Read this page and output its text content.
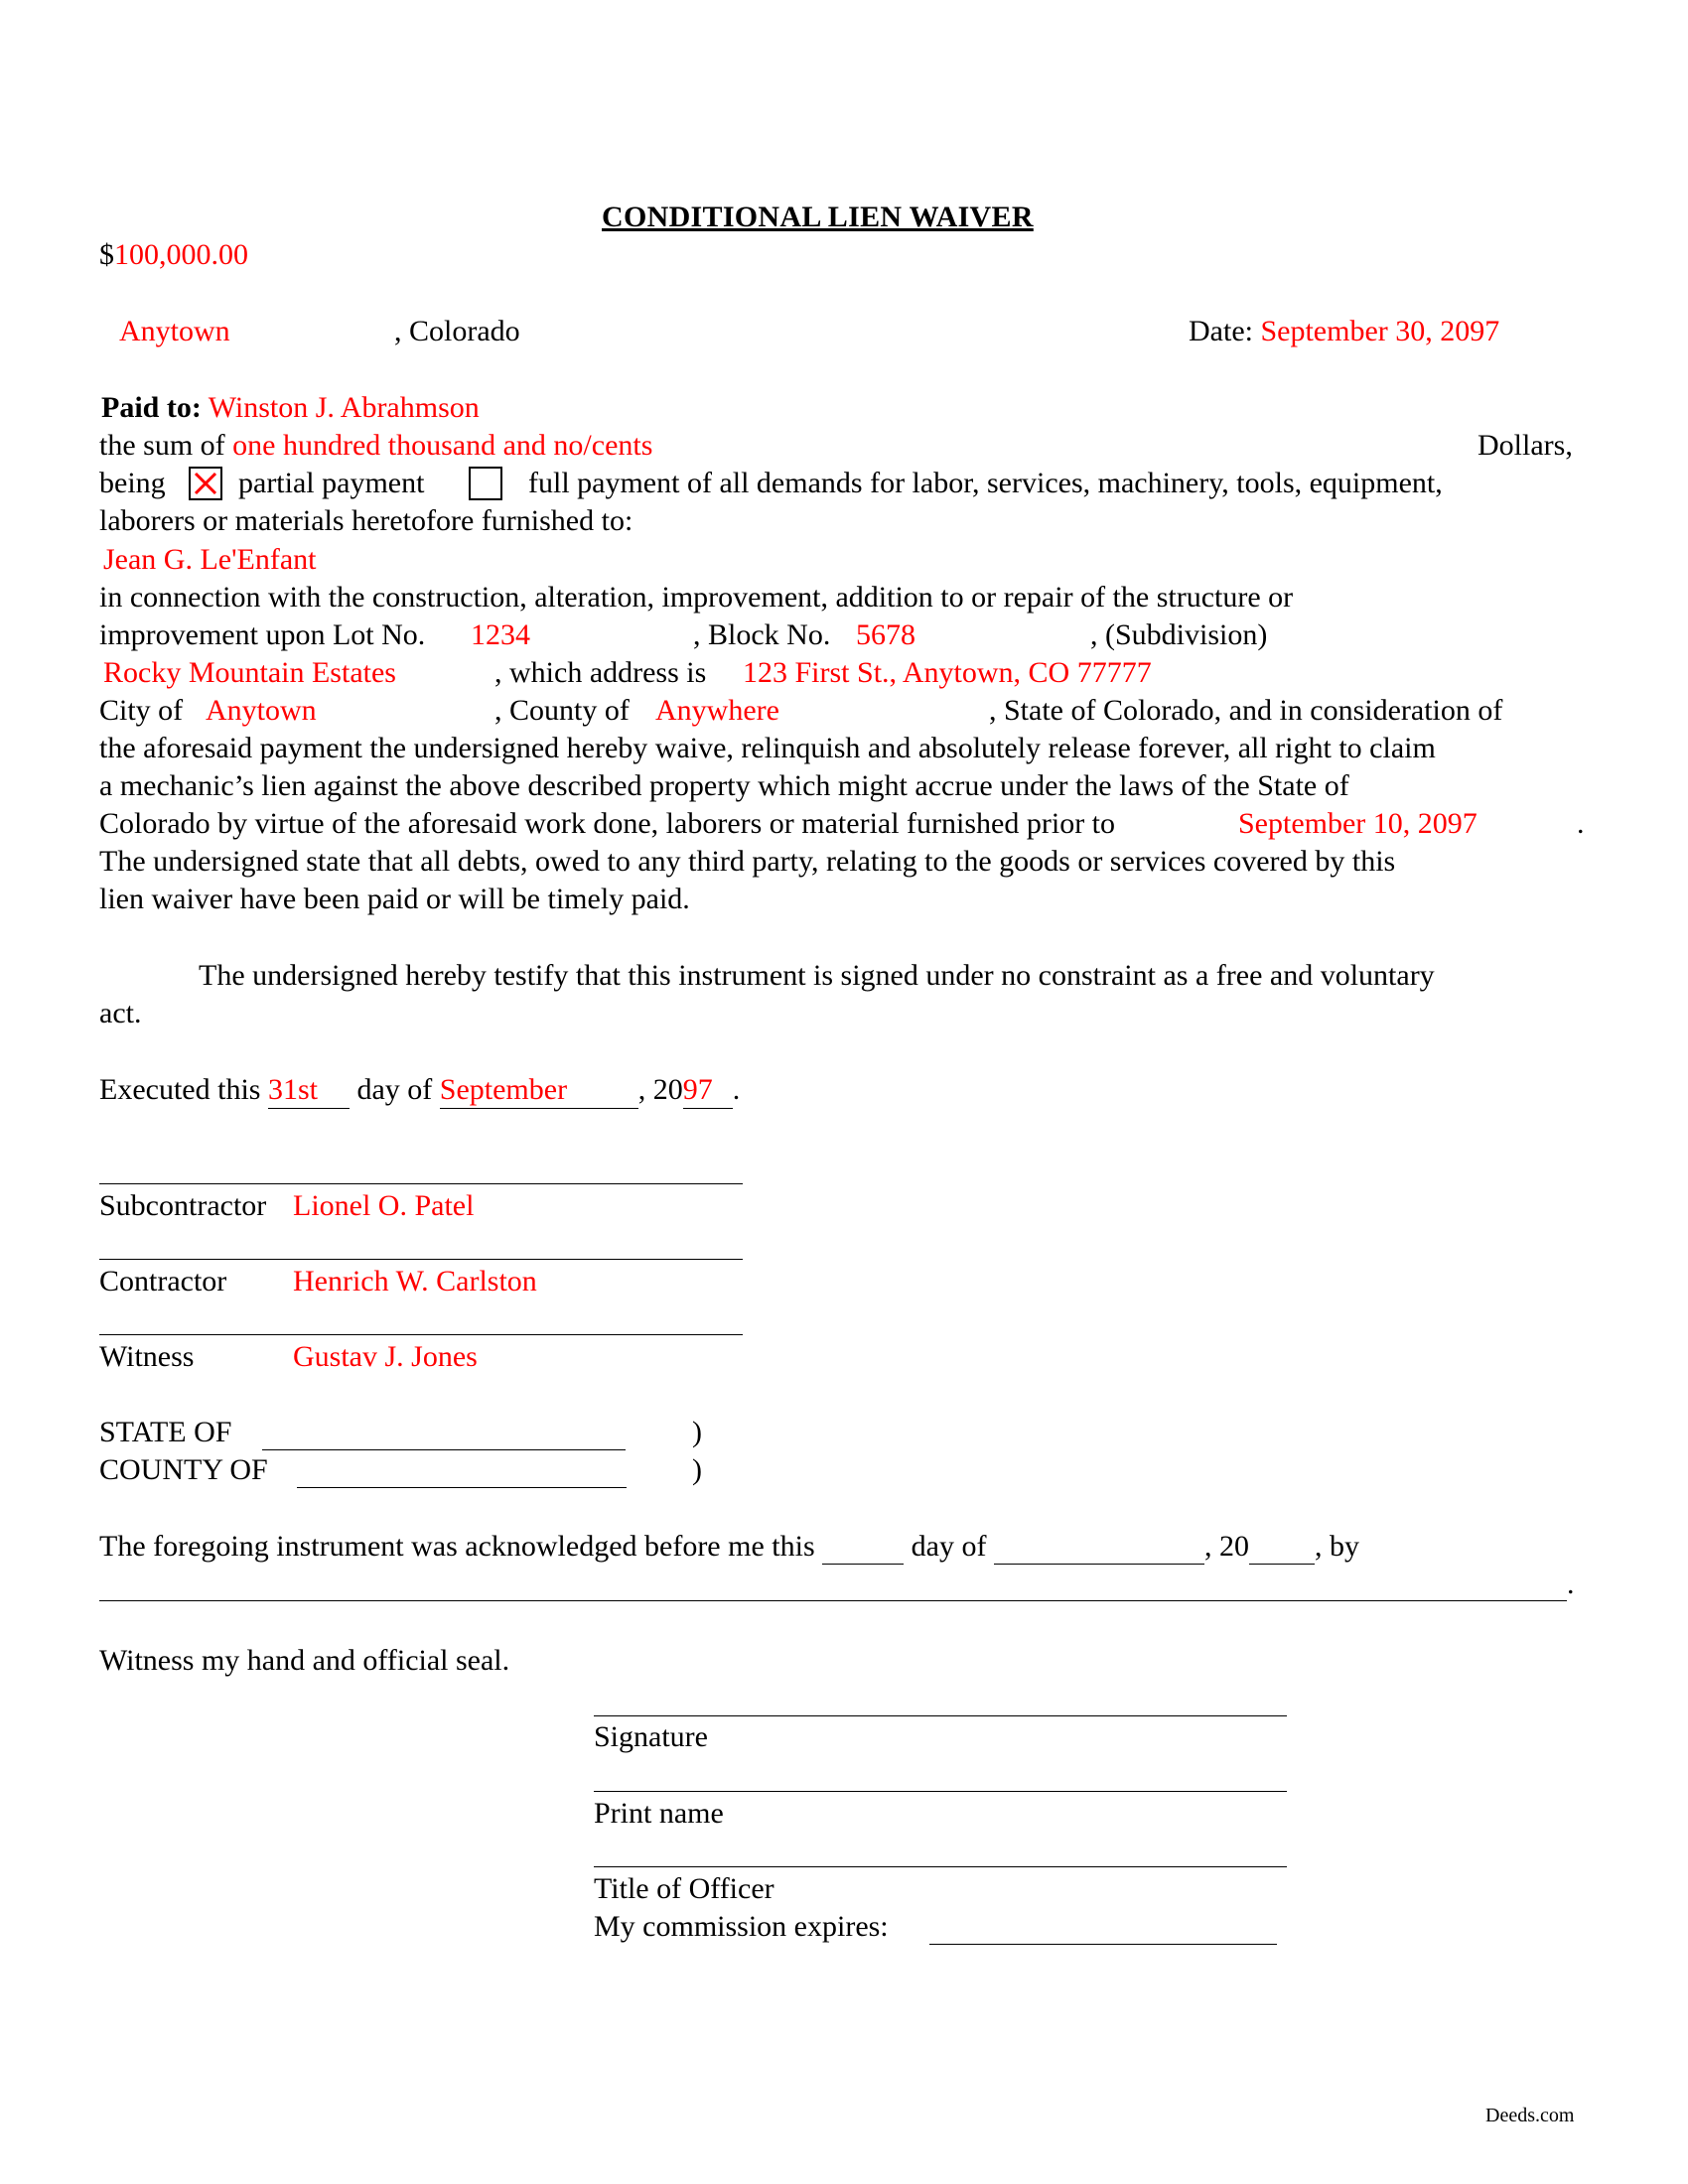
CONDITIONAL LIEN WAIVER
$100,000.00
Anytown	, Colorado	Date: September 30, 2097
Paid to: Winston J. Abrahmson
the sum of one hundred thousand and no/cents	Dollars,
being partial payment	full payment of all demands for labor, services, machinery, tools, equipment,
laborers or materials heretofore furnished to:
Jean G. Le'Enfant
in connection with the construction, alteration, improvement, addition to or repair of the structure or
improvement upon Lot No. 1234	, Block No. 5678	, (Subdivision)
Rocky Mountain Estates	, which address is 123 First St., Anytown, CO 77777
City of Anytown	, County of Anywhere	, State of Colorado, and in consideration of
the aforesaid payment the undersigned hereby waive, relinquish and absolutely release forever, all right to claim
a mechanic’s lien against the above described property which might accrue under the laws of the State of
Colorado by virtue of the aforesaid work done, laborers or material furnished prior to	September 10, 2097	.
The undersigned state that all debts, owed to any third party, relating to the goods or services covered by this
lien waiver have been paid or will be timely paid.
The undersigned hereby testify that this instrument is signed under no constraint as a free and voluntary
act.
Executed this 31st day of September , 2097 .
Subcontractor Lionel O. Patel
Contractor Henrich W. Carlston
Witness	Gustav J. Jones
STATE OF	)
COUNTY OF	)
The foregoing instrument was acknowledged before me this	day of	, 20 , by
.
Witness my hand and official seal.
Signature
Print name
Title of Officer
My commission expires:
Deeds.com
